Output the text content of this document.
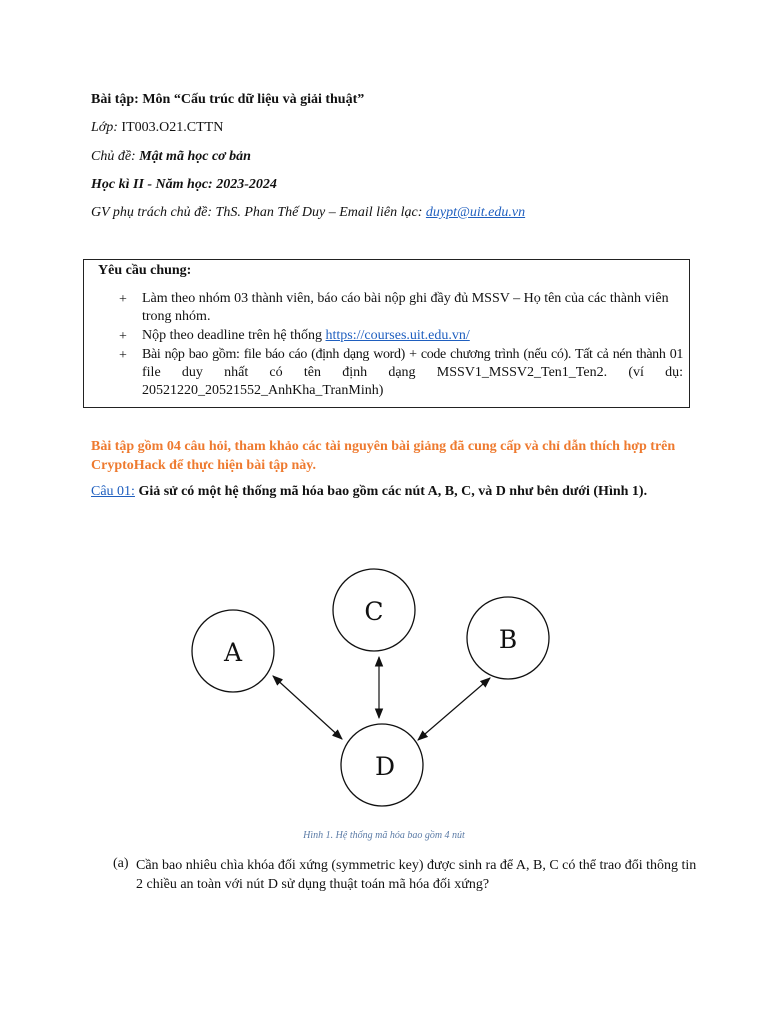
Bài tập: Môn “Cấu trúc dữ liệu và giải thuật”
Lớp: IT003.O21.CTTN
Chủ đề: Mật mã học cơ bản
Học kì II - Năm học: 2023-2024
GV phụ trách chủ đề: ThS. Phan Thế Duy – Email liên lạc: duypt@uit.edu.vn
Yêu cầu chung:
+ Làm theo nhóm 03 thành viên, báo cáo bài nộp ghi đầy đủ MSSV – Họ tên của các thành viên trong nhóm.
+ Nộp theo deadline trên hệ thống https://courses.uit.edu.vn/
+ Bài nộp bao gồm: file báo cáo (định dạng word) + code chương trình (nếu có). Tất cả nén thành 01
file duy nhất có tên định dạng MSSV1_MSSV2_Ten1_Ten2. (ví dụ:
20521220_20521552_AnhKha_TranMinh)
Bài tập gồm 04 câu hỏi, tham khảo các tài nguyên bài giảng đã cung cấp và chỉ dẫn thích hợp trên CryptoHack để thực hiện bài tập này.
Câu 01: Giả sử có một hệ thống mã hóa bao gồm các nút A, B, C, và D như bên dưới (Hình 1).
A
C
B
D
Hình 1. Hệ thống mã hóa bao gồm 4 nút
(a) Cần bao nhiêu chìa khóa đối xứng (symmetric key) được sinh ra để A, B, C có thể trao đổi thông tin 2 chiều an toàn với nút D sử dụng thuật toán mã hóa đối xứng?
